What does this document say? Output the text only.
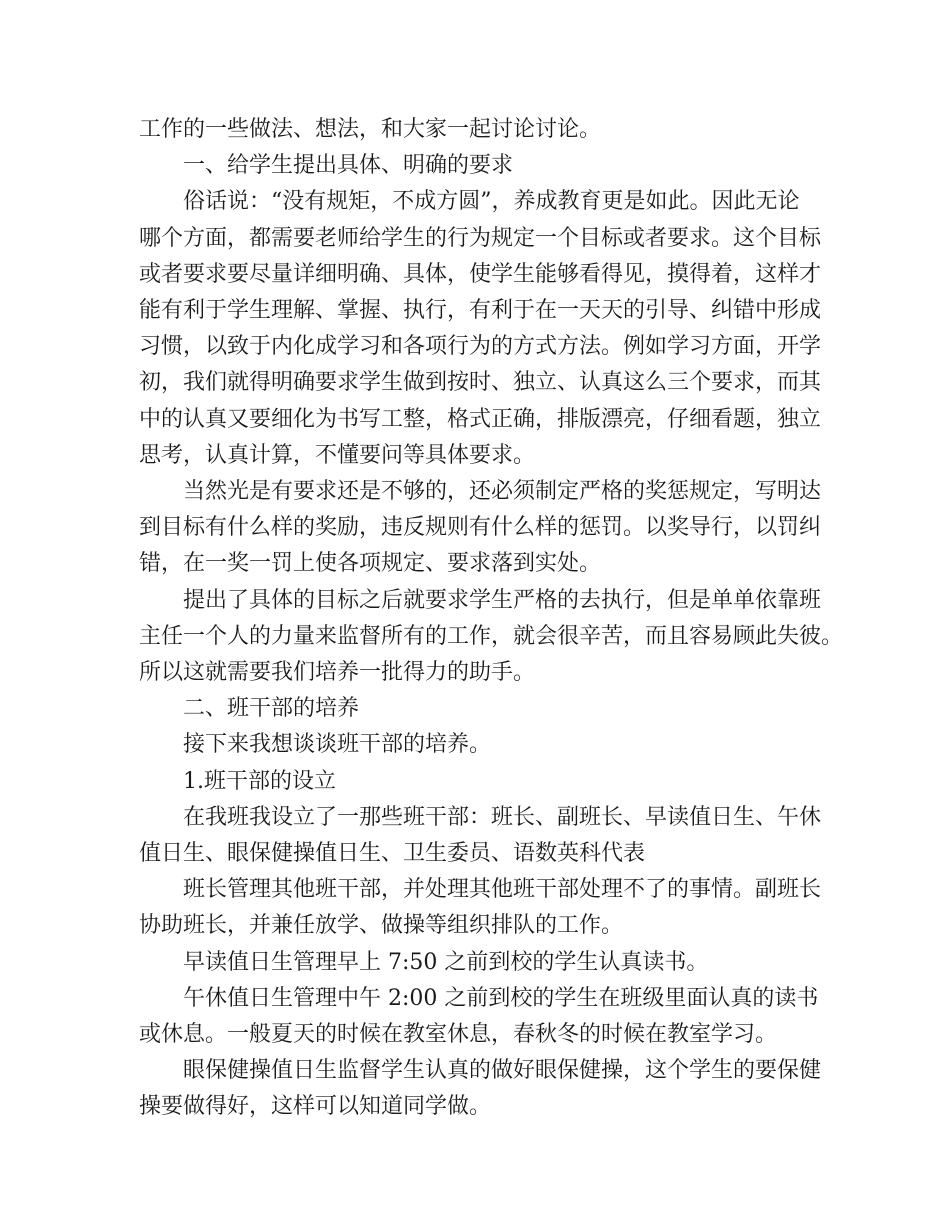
工作的一些做法、想法，和大家一起讨论讨论。

一、给学生提出具体、明确的要求

俗话说：“没有规矩，不成方圆”，养成教育更是如此。因此无论

哪个方面，都需要老师给学生的行为规定一个目标或者要求。这个目标

或者要求要尽量详细明确、具体，使学生能够看得见，摸得着，这样才

能有利于学生理解、掌握、执行，有利于在一天天的引导、纠错中形成

习惯，以致于内化成学习和各项行为的方式方法。例如学习方面，开学

初，我们就得明确要求学生做到按时、独立、认真这么三个要求，而其

中的认真又要细化为书写工整，格式正确，排版漂亮，仔细看题，独立

思考，认真计算，不懂要问等具体要求。

当然光是有要求还是不够的，还必须制定严格的奖惩规定，写明达

到目标有什么样的奖励，违反规则有什么样的惩罚。以奖导行，以罚纠

错，在一奖一罚上使各项规定、要求落到实处。

提出了具体的目标之后就要求学生严格的去执行，但是单单依靠班

主任一个人的力量来监督所有的工作，就会很辛苦，而且容易顾此失彼。

所以这就需要我们培养一批得力的助手。

二、班干部的培养

接下来我想谈谈班干部的培养。

1.班干部的设立

在我班我设立了一那些班干部：班长、副班长、早读值日生、午休

值日生、眼保健操值日生、卫生委员、语数英科代表

班长管理其他班干部，并处理其他班干部处理不了的事情。副班长

协助班长，并兼任放学、做操等组织排队的工作。

早读值日生管理早上 7:50 之前到校的学生认真读书。

午休值日生管理中午 2:00 之前到校的学生在班级里面认真的读书

或休息。一般夏天的时候在教室休息，春秋冬的时候在教室学习。

眼保健操值日生监督学生认真的做好眼保健操，这个学生的要保健

操要做得好，这样可以知道同学做。
